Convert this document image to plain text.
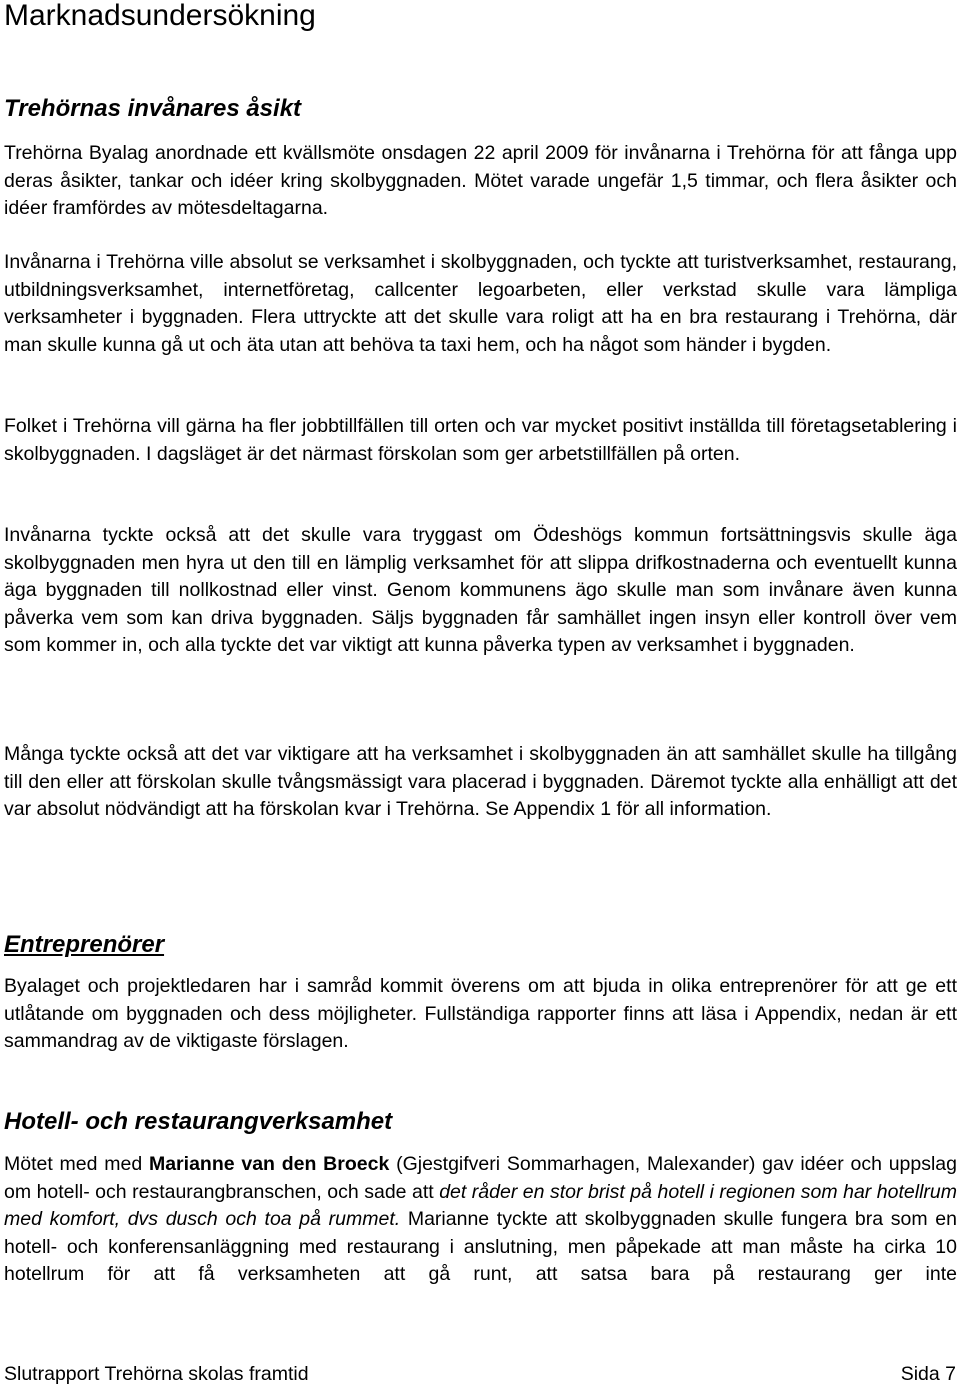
Marknadsundersökning
Trehörnas invånares åsikt

Trehörna Byalag anordnade ett kvällsmöte onsdagen 22 april 2009 för invånarna i Trehörna för att fånga upp deras åsikter, tankar och idéer kring skolbyggnaden. Mötet varade ungefär 1,5 timmar, och flera åsikter och idéer framfördes av mötesdeltagarna.

Invånarna i Trehörna ville absolut se verksamhet i skolbyggnaden, och tyckte att turistverksamhet, restaurang, utbildningsverksamhet, internetföretag, callcenter legoarbeten, eller verkstad skulle vara lämpliga verksamheter i byggnaden. Flera uttryckte att det skulle vara roligt att ha en bra restaurang i Trehörna, där man skulle kunna gå ut och äta utan att behöva ta taxi hem, och ha något som händer i bygden.

Folket i Trehörna vill gärna ha fler jobbtillfällen till orten och var mycket positivt inställda till företagsetablering i skolbyggnaden. I dagsläget är det närmast förskolan som ger arbetstillfällen på orten.

Invånarna tyckte också att det skulle vara tryggast om Ödeshögs kommun fortsättningsvis skulle äga skolbyggnaden men hyra ut den till en lämplig verksamhet för att slippa drifkostnaderna och eventuellt kunna äga byggnaden till nollkostnad eller vinst. Genom kommunens ägo skulle man som invånare även kunna påverka vem som kan driva byggnaden. Säljs byggnaden får samhället ingen insyn eller kontroll över vem som kommer in, och alla tyckte det var viktigt att kunna påverka typen av verksamhet i byggnaden.

Många tyckte också att det var viktigare att ha verksamhet i skolbyggnaden än att samhället skulle ha tillgång till den eller att förskolan skulle tvångsmässigt vara placerad i byggnaden. Däremot tyckte alla enhälligt att det var absolut nödvändigt att ha förskolan kvar i Trehörna. Se Appendix 1 för all information.

Entreprenörer

Byalaget och projektledaren har i samråd kommit överens om att bjuda in olika entreprenörer för att ge ett utlåtande om byggnaden och dess möjligheter. Fullständiga rapporter finns att läsa i Appendix, nedan är ett sammandrag av de viktigaste förslagen.

Hotell- och restaurangverksamhet

Mötet med med Marianne van den Broeck (Gjestgifveri Sommarhagen, Malexander) gav idéer och uppslag om hotell- och restaurangbranschen, och sade att det råder en stor brist på hotell i regionen som har hotellrum med komfort, dvs dusch och toa på rummet. Marianne tyckte att skolbyggnaden skulle fungera bra som en hotell- och konferensanläggning med restaurang i anslutning, men påpekade att man måste ha cirka 10 hotellrum för att få verksamheten att gå runt, att satsa bara på restaurang ger inte

Slutrapport Trehörna skolas framtid	Sida 7
